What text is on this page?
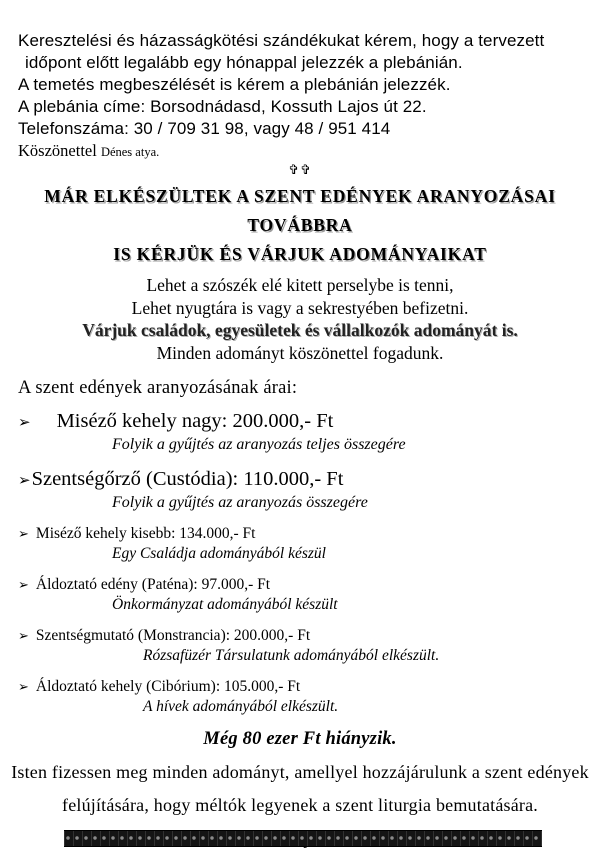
Keresztelési és házasságkötési szándékukat kérem, hogy a tervezett
időpont előtt legalább egy hónappal jelezzék a plebánián.
A temetés megbeszélését is kérem a plebánián jelezzék.
A plebánia címe: Borsodnádasd, Kossuth Lajos út 22.
Telefonszáma: 30 / 709 31 98, vagy 48 / 951 414
Köszönettel Dénes atya.
✞✞
MÁR ELKÉSZÜLTEK A SZENT EDÉNYEK ARANYOZÁSAI TOVÁBBRA
IS KÉRJÜK ÉS VÁRJUK ADOMÁNYAIKAT
Lehet a szószék elé kitett perselybe is tenni,
Lehet nyugtára is vagy a sekrestyében befizetni.
Várjuk családok, egyesületek és vállalkozók adományát is.
Minden adományt köszönettel fogadunk.
A szent edények aranyozásának árai:
➢ Miséző kehely nagy: 200.000,- Ft
Folyik a gyűjtés az aranyozás teljes összegére
➢Szentségőrző (Custódia): 110.000,- Ft
Folyik a gyűjtés az aranyozás összegére
➢ Miséző kehely kisebb: 134.000,- Ft
Egy Családja adományából készül
➢ Áldoztató edény (Paténa): 97.000,- Ft
Önkormányzat adományából készült
➢ Szentségmutató (Monstrancia): 200.000,- Ft
Rózsafüzér Társulatunk adományából elkészült.
➢ Áldoztató kehely (Cibórium): 105.000,- Ft
A hívek adományából elkészült.
Még 80 ezer Ft hiányzik.
Isten fizessen meg minden adományt, amellyel hozzájárulunk a szent edények
felújítására, hogy méltók legyenek a szent liturgia bemutatására.
